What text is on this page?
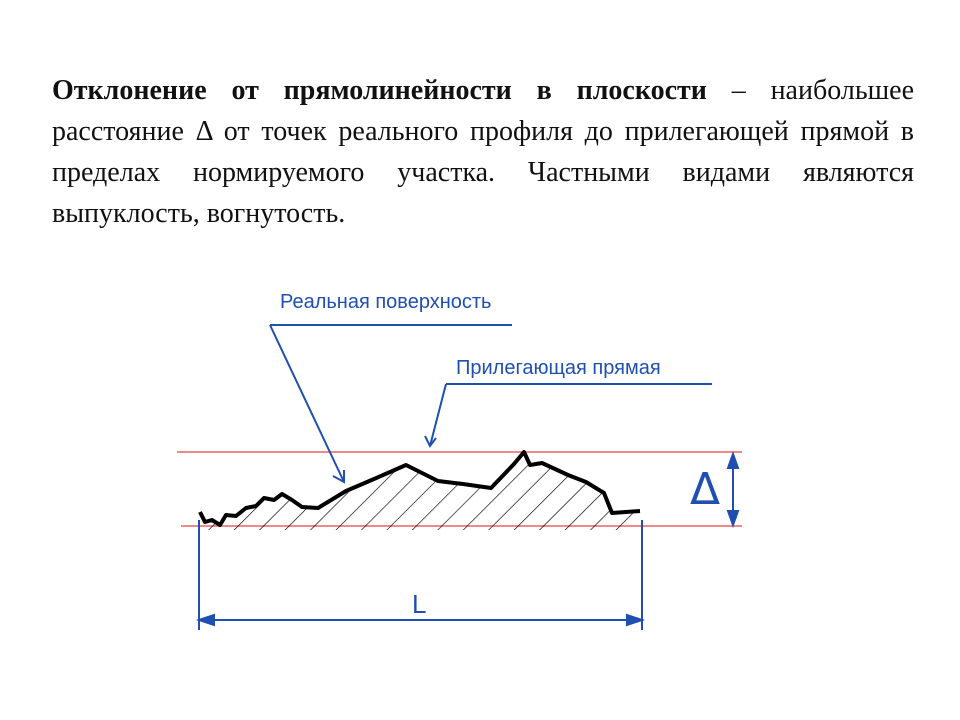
Отклонение от прямолинейности в плоскости – наибольшее расстояние Δ от точек реального профиля до прилегающей прямой в пределах нормируемого участка. Частными видами являются выпуклость, вогнутость.

Реальная поверхность
Прилегающая прямая
Δ
L
